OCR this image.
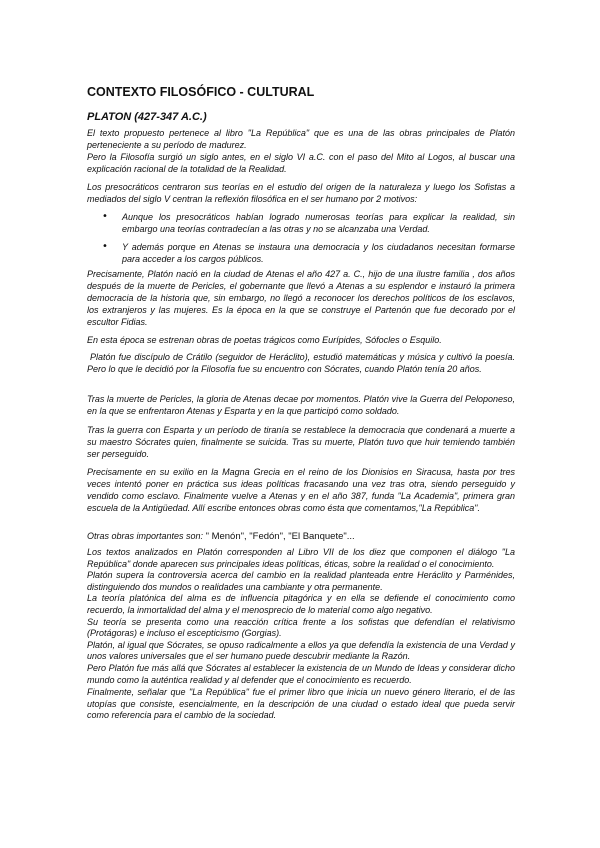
CONTEXTO FILOSÓFICO - CULTURAL
PLATON (427-347 A.C.)

El texto propuesto pertenece al libro "La República" que es una de las obras principales de Platón perteneciente a su período de madurez.

Pero la Filosofía surgió un siglo antes, en el siglo VI a.C. con el paso del Mito al Logos, al buscar una explicación racional de la totalidad de la Realidad.

Los presocráticos centraron sus teorías en el estudio del origen de la naturaleza y luego los Sofistas a mediados del siglo V centran la reflexión filosófica en el ser humano por 2 motivos:

•

Aunque los presocráticos habían logrado numerosas teorías para explicar la realidad, sin embargo una teorías contradecían a las otras y no se alcanzaba una Verdad.

•

Y además porque en Atenas se instaura una democracia y los ciudadanos necesitan formarse para acceder a los cargos públicos.

Precisamente, Platón nació en la ciudad de Atenas el año 427 a. C., hijo de una ilustre familia , dos años después de la muerte de Pericles, el gobernante que llevó a Atenas a su esplendor e instauró la primera democracia de la historia que, sin embargo, no llegó a reconocer los derechos políticos de los esclavos, los extranjeros y las mujeres. Es la época en la que se construye el Partenón que fue decorado por el escultor Fidias.

En esta época se estrenan obras de poetas trágicos como Eurípides, Sófocles o Esquilo.

Platón fue discípulo de Crátilo (seguidor de Heráclito), estudió matemáticas y música y cultivó la poesía. Pero lo que le decidió por la Filosofía fue su encuentro con Sócrates, cuando Platón tenía 20 años.

Tras la muerte de Pericles, la gloria de Atenas decae por momentos. Platón vive la Guerra del Peloponeso, en la que se enfrentaron Atenas y Esparta y en la que participó como soldado.

Tras la guerra con Esparta y un período de tiranía se restablece la democracia que condenará a muerte a su maestro Sócrates quien, finalmente se suicida. Tras su muerte, Platón tuvo que huir temiendo también ser perseguido.

Precisamente en su exilio en la Magna Grecia en el reino de los Dionisios en Siracusa, hasta por tres veces intentó poner en práctica sus ideas políticas fracasando una vez tras otra, siendo perseguido y vendido como esclavo. Finalmente vuelve a Atenas y en el año 387, funda "La Academia", primera gran escuela de la Antigüedad. Allí escribe entonces obras como ésta que comentamos,"La República".

Otras obras importantes son: " Menón", "Fedón", "El Banquete"...

Los textos analizados en Platón corresponden al Libro VII de los diez que componen el diálogo "La República" donde aparecen sus principales ideas políticas, éticas, sobre la realidad o el conocimiento.
Platón supera la controversia acerca del cambio en la realidad planteada entre Heráclito y Parménides, distinguiendo dos mundos o realidades una cambiante y otra permanente.
La teoría platónica del alma es de influencia pitagórica y en ella se defiende el conocimiento como recuerdo, la inmortalidad del alma y el menosprecio de lo material como algo negativo.
Su teoría se presenta como una reacción crítica frente a los sofistas que defendían el relativismo (Protágoras) e incluso el escepticismo (Gorgias).
Platón, al igual que Sócrates, se opuso radicalmente a ellos ya que defendía la existencia de una Verdad y unos valores universales que el ser humano puede descubrir mediante la Razón.
Pero Platón fue más allá que Sócrates al establecer la existencia de un Mundo de Ideas y considerar dicho mundo como la auténtica realidad y al defender que el conocimiento es recuerdo.
Finalmente, señalar que "La República" fue el primer libro que inicia un nuevo género literario, el de las utopías que consiste, esencialmente, en la descripción de una ciudad o estado ideal que pueda servir como referencia para el cambio de la sociedad.
